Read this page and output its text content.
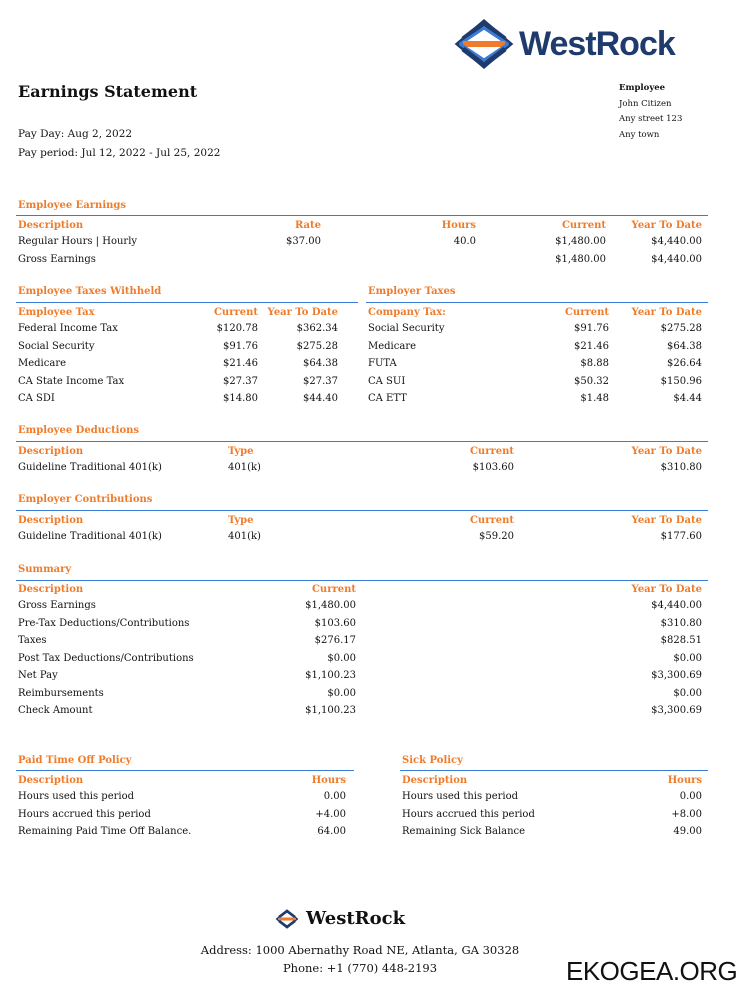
WestRock
Earnings Statement
Pay Day: Aug 2, 2022
Pay period: Jul 12, 2022 - Jul 25, 2022
Employee
John Citizen
Any street 123
Any town
Employee Earnings
Description	Rate	Hours	Current	Year To Date
Regular Hours | Hourly	$37.00	40.0	$1,480.00	$4,440.00
Gross Earnings			$1,480.00	$4,440.00
Employee Taxes Withheld
Employee Tax	Current	Year To Date
Federal Income Tax	$120.78	$362.34
Social Security	$91.76	$275.28
Medicare	$21.46	$64.38
CA State Income Tax	$27.37	$27.37
CA SDI	$14.80	$44.40
Employer Taxes
Company Tax:	Current	Year To Date
Social Security	$91.76	$275.28
Medicare	$21.46	$64.38
FUTA	$8.88	$26.64
CA SUI	$50.32	$150.96
CA ETT	$1.48	$4.44
Employee Deductions
Description	Type	Current	Year To Date
Guideline Traditional 401(k)	401(k)	$103.60	$310.80
Employer Contributions
Description	Type	Current	Year To Date
Guideline Traditional 401(k)	401(k)	$59.20	$177.60
Summary
Description	Current	Year To Date
Gross Earnings	$1,480.00	$4,440.00
Pre-Tax Deductions/Contributions	$103.60	$310.80
Taxes	$276.17	$828.51
Post Tax Deductions/Contributions	$0.00	$0.00
Net Pay	$1,100.23	$3,300.69
Reimbursements	$0.00	$0.00
Check Amount	$1,100.23	$3,300.69
Paid Time Off Policy
Description	Hours
Hours used this period	0.00
Hours accrued this period	+4.00
Remaining Paid Time Off Balance.	64.00
Sick Policy
Description	Hours
Hours used this period	0.00
Hours accrued this period	+8.00
Remaining Sick Balance	49.00
WestRock
Address: 1000 Abernathy Road NE, Atlanta, GA 30328
Phone: +1 (770) 448-2193	EKOGEA.ORG
